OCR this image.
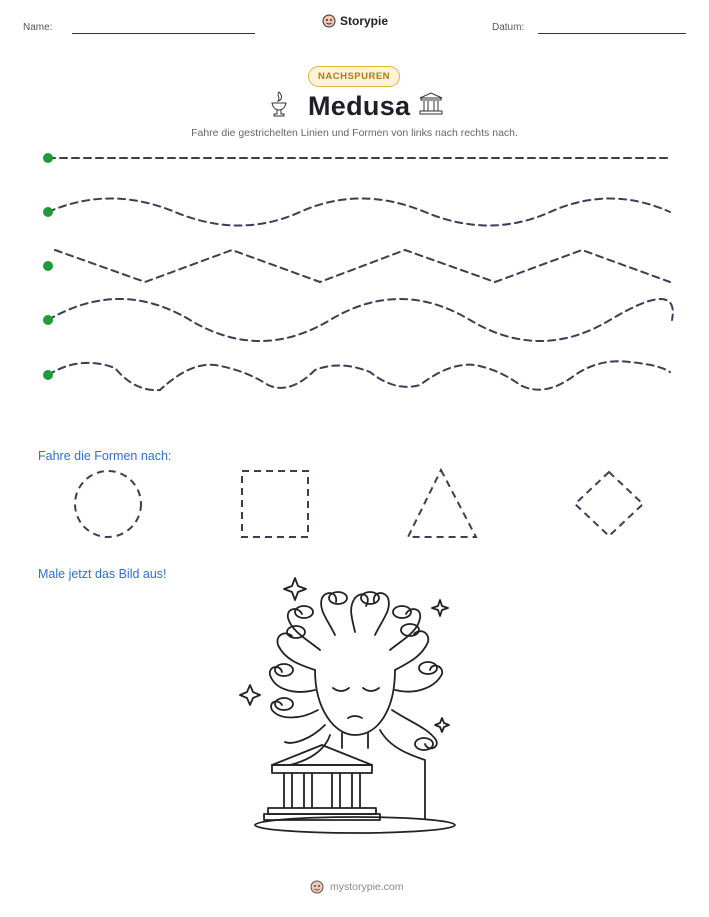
Name:	Storypie	Datum:
NACHSPUREN
Medusa
Fahre die gestrichelten Linien und Formen von links nach rechts nach.
Fahre die Formen nach:
Male jetzt das Bild aus!
mystorypie.com
